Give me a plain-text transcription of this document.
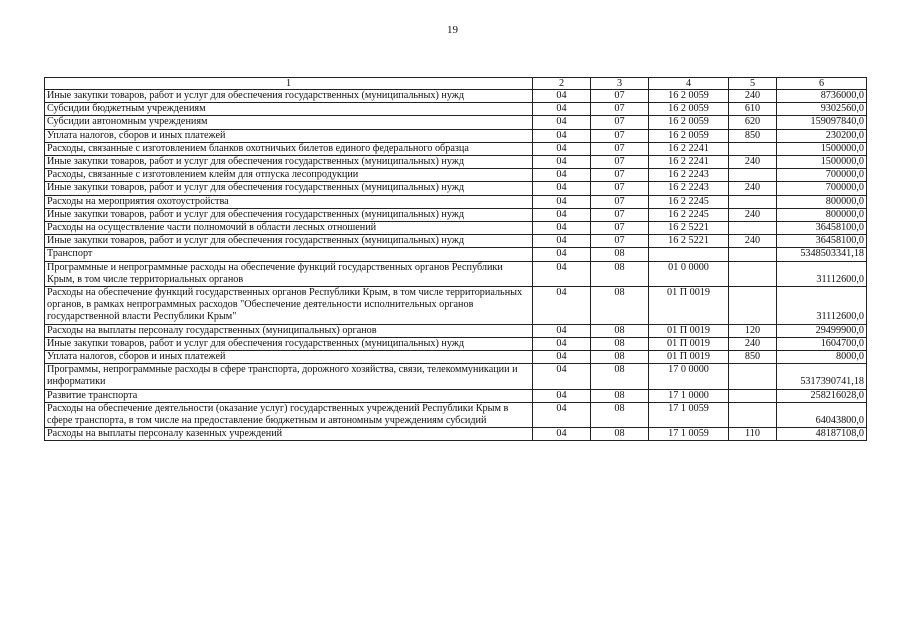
19
1	2	3	4	5	6
Иные закупки товаров, работ и услуг для обеспечения государственных (муниципальных) нужд	04	07	16 2 0059	240	8736000,0
Субсидии бюджетным учреждениям	04	07	16 2 0059	610	9302560,0
Субсидии автономным учреждениям	04	07	16 2 0059	620	159097840,0
Уплата налогов, сборов и иных платежей	04	07	16 2 0059	850	230200,0
Расходы, связанные с изготовлением бланков охотничьих билетов единого федерального образца	04	07	16 2 2241		1500000,0
Иные закупки товаров, работ и услуг для обеспечения государственных (муниципальных) нужд	04	07	16 2 2241	240	1500000,0
Расходы, связанные с изготовлением клейм для отпуска лесопродукции	04	07	16 2 2243		700000,0
Иные закупки товаров, работ и услуг для обеспечения государственных (муниципальных) нужд	04	07	16 2 2243	240	700000,0
Расходы на мероприятия охотоустройства	04	07	16 2 2245		800000,0
Иные закупки товаров, работ и услуг для обеспечения государственных (муниципальных) нужд	04	07	16 2 2245	240	800000,0
Расходы на осуществление части полномочий в области лесных отношений	04	07	16 2 5221		36458100,0
Иные закупки товаров, работ и услуг для обеспечения государственных (муниципальных) нужд	04	07	16 2 5221	240	36458100,0
Транспорт	04	08			5348503341,18
Программные и непрограммные расходы на обеспечение функций государственных органов Республики Крым, в том числе территориальных органов	04	08	01 0 0000		31112600,0
Расходы на обеспечение функций государственных органов Республики Крым, в том числе территориальных органов, в рамках непрограммных расходов "Обеспечение деятельности исполнительных органов государственной власти Республики Крым"	04	08	01 П 0019		31112600,0
Расходы на выплаты персоналу государственных (муниципальных) органов	04	08	01 П 0019	120	29499900,0
Иные закупки товаров, работ и услуг для обеспечения государственных (муниципальных) нужд	04	08	01 П 0019	240	1604700,0
Уплата налогов, сборов и иных платежей	04	08	01 П 0019	850	8000,0
Программы, непрограммные расходы в сфере транспорта, дорожного хозяйства, связи, телекоммуникации и информатики	04	08	17 0 0000		5317390741,18
Развитие транспорта	04	08	17 1 0000		258216028,0
Расходы на обеспечение деятельности (оказание услуг) государственных учреждений Республики Крым в сфере транспорта, в том числе на предоставление бюджетным и автономным учреждениям субсидий	04	08	17 1 0059		64043800,0
Расходы на выплаты персоналу казенных учреждений	04	08	17 1 0059	110	48187108,0
